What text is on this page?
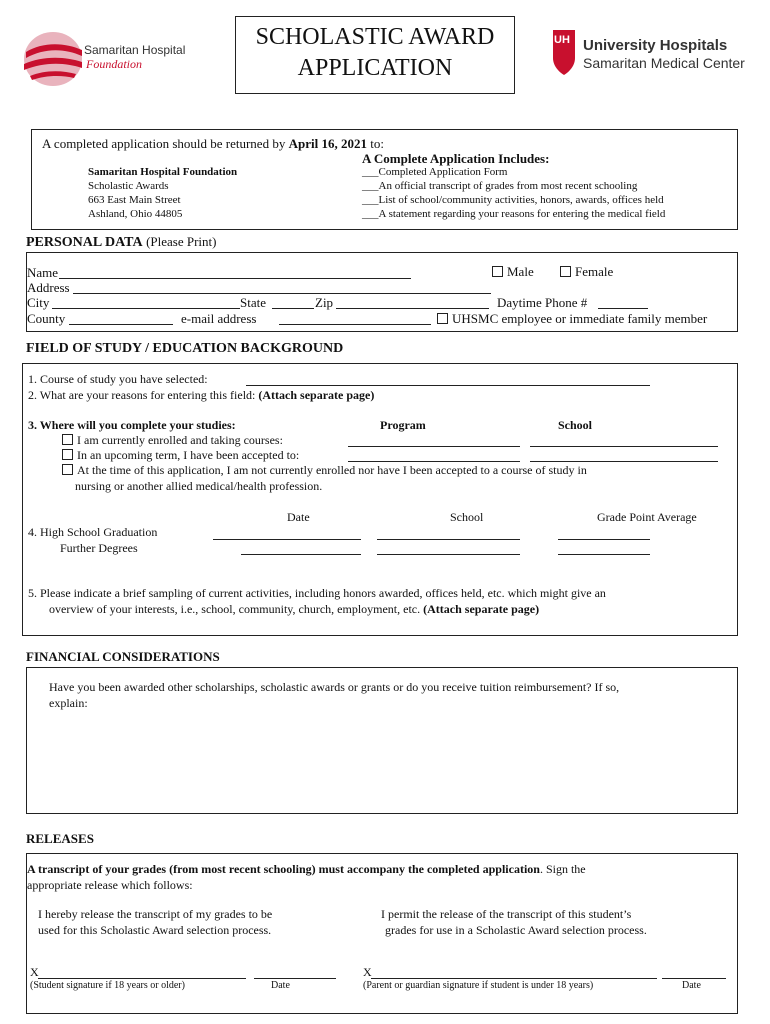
Samaritan Hospital
Foundation
SCHOLASTIC AWARD
APPLICATION
UH University Hospitals
Samaritan Medical Center
A completed application should be returned by April 16, 2021 to:
Samaritan Hospital Foundation
Scholastic Awards
663 East Main Street
Ashland, Ohio 44805
A Complete Application Includes:
___Completed Application Form
___An official transcript of grades from most recent schooling
___List of school/community activities, honors, awards, offices held
___A statement regarding your reasons for entering the medical field
PERSONAL DATA (Please Print)
Name	Male	Female
Address
City	State	Zip	Daytime Phone #
County	e-mail address	UHSMC employee or immediate family member
FIELD OF STUDY / EDUCATION BACKGROUND
1. Course of study you have selected:
2. What are your reasons for entering this field: (Attach separate page)
3. Where will you complete your studies:	Program	School
I am currently enrolled and taking courses:
In an upcoming term, I have been accepted to:
At the time of this application, I am not currently enrolled nor have I been accepted to a course of study in
nursing or another allied medical/health profession.
Date	School	Grade Point Average
4. High School Graduation
Further Degrees
5. Please indicate a brief sampling of current activities, including honors awarded, offices held, etc. which might give an
overview of your interests, i.e., school, community, church, employment, etc. (Attach separate page)
FINANCIAL CONSIDERATIONS
Have you been awarded other scholarships, scholastic awards or grants or do you receive tuition reimbursement? If so,
explain:
RELEASES
A transcript of your grades (from most recent schooling) must accompany the completed application. Sign the
appropriate release which follows:
I hereby release the transcript of my grades to be
used for this Scholastic Award selection process.
I permit the release of the transcript of this student’s
grades for use in a Scholastic Award selection process.
X
(Student signature if 18 years or older)	Date
X
(Parent or guardian signature if student is under 18 years)	Date
